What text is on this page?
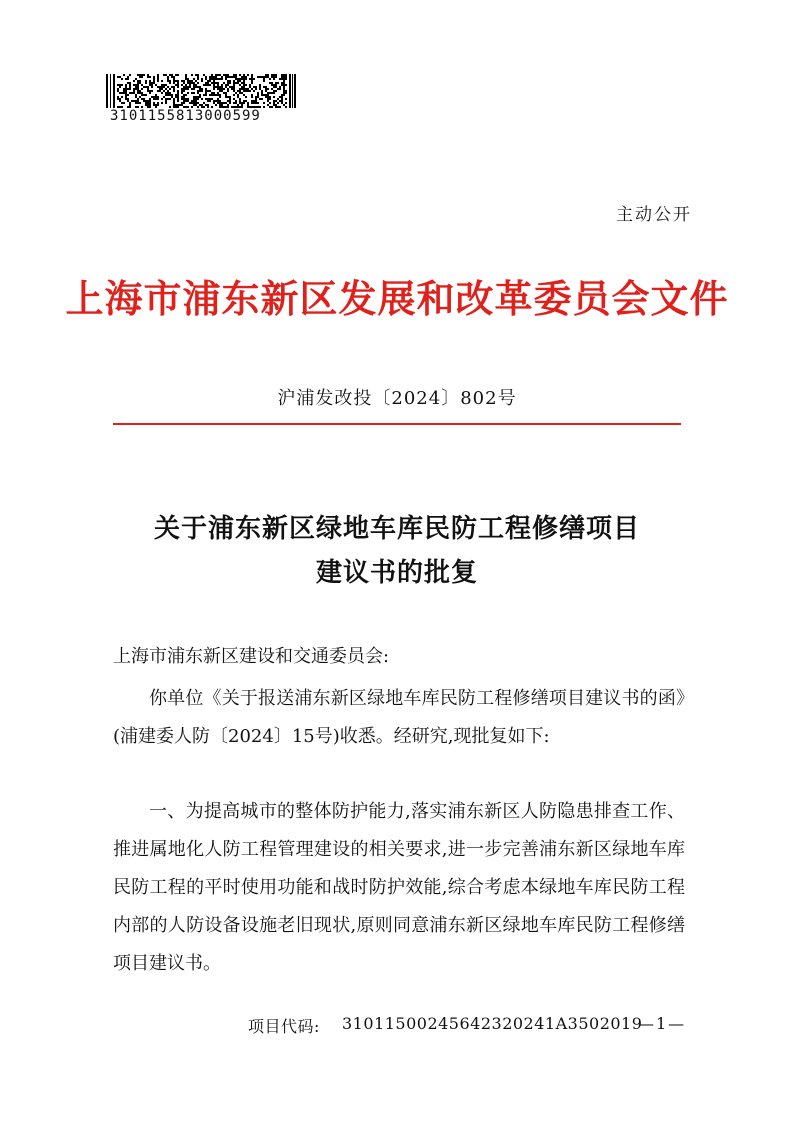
3101155813000599
主动公开
上海市浦东新区发展和改革委员会文件
沪浦发改投〔2024〕802号
关于浦东新区绿地车库民防工程修缮项目
建议书的批复
上海市浦东新区建设和交通委员会:
你单位《关于报送浦东新区绿地车库民防工程修缮项目建议书的函》(浦建委人防〔2024〕15号)收悉。经研究,现批复如下:
一、为提高城市的整体防护能力,落实浦东新区人防隐患排查工作、推进属地化人防工程管理建设的相关要求,进一步完善浦东新区绿地车库民防工程的平时使用功能和战时防护效能,综合考虑本绿地车库民防工程内部的人防设备设施老旧现状,原则同意浦东新区绿地车库民防工程修缮项目建议书。
项目代码: 31011500245642320241A3502019
—1—
